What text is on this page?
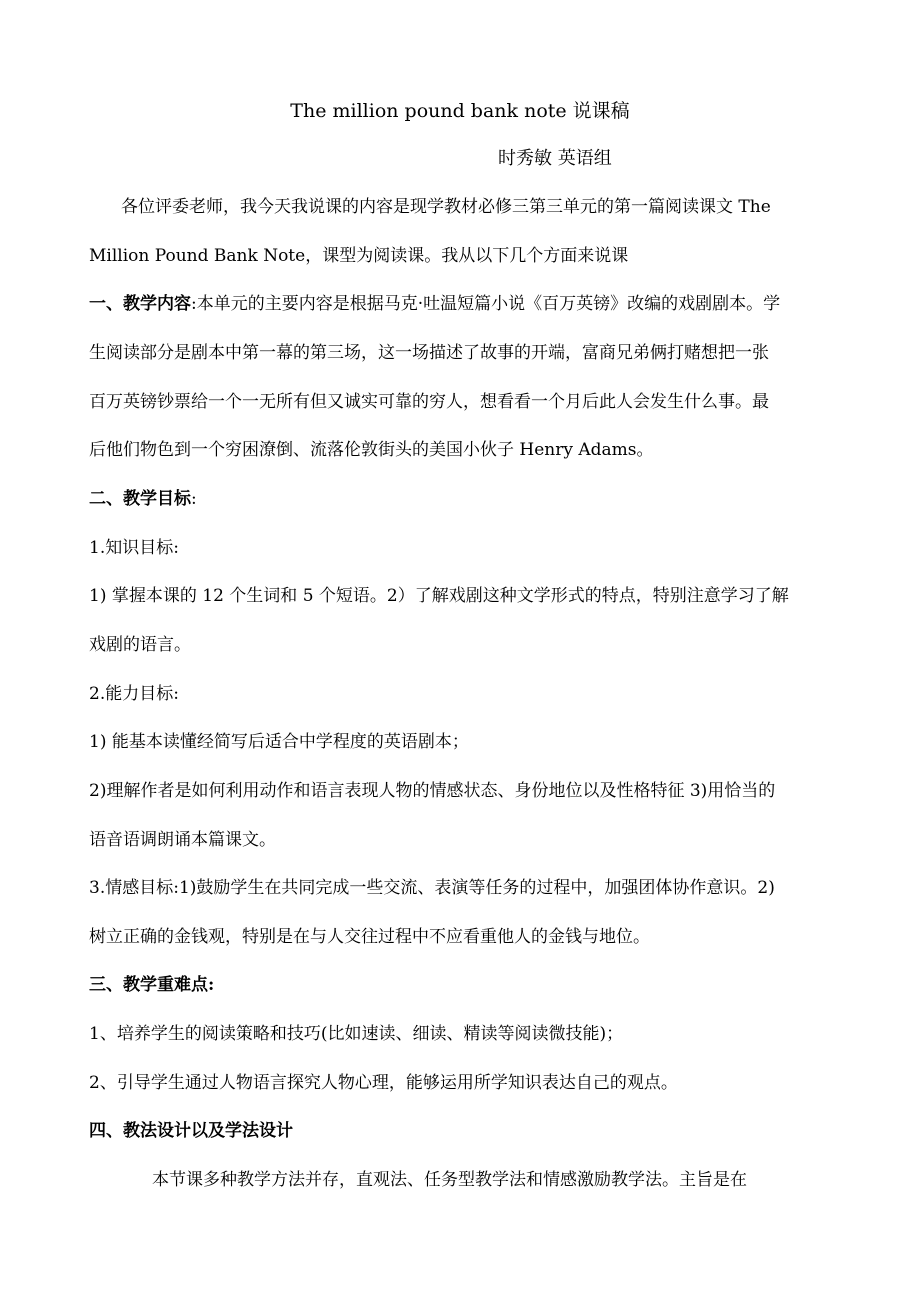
The million pound bank note 说课稿
时秀敏 英语组
各位评委老师，我今天我说课的内容是现学教材必修三第三单元的第一篇阅读课文 The
Million Pound Bank Note，课型为阅读课。我从以下几个方面来说课
一、教学内容:本单元的主要内容是根据马克·吐温短篇小说《百万英镑》改编的戏剧剧本。学
生阅读部分是剧本中第一幕的第三场，这一场描述了故事的开端，富商兄弟俩打赌想把一张
百万英镑钞票给一个一无所有但又诚实可靠的穷人，想看看一个月后此人会发生什么事。最
后他们物色到一个穷困潦倒、流落伦敦街头的美国小伙子 Henry Adams。
二、教学目标:
1.知识目标:
1) 掌握本课的 12 个生词和 5 个短语。2）了解戏剧这种文学形式的特点，特别注意学习了解
戏剧的语言。
2.能力目标:
1) 能基本读懂经简写后适合中学程度的英语剧本；
2)理解作者是如何利用动作和语言表现人物的情感状态、身份地位以及性格特征 3)用恰当的
语音语调朗诵本篇课文。
3.情感目标:1)鼓励学生在共同完成一些交流、表演等任务的过程中，加强团体协作意识。2)
树立正确的金钱观，特别是在与人交往过程中不应看重他人的金钱与地位。
三、教学重难点:
1、培养学生的阅读策略和技巧(比如速读、细读、精读等阅读微技能)；
2、引导学生通过人物语言探究人物心理，能够运用所学知识表达自己的观点。
四、教法设计以及学法设计
本节课多种教学方法并存，直观法、任务型教学法和情感激励教学法。主旨是在
